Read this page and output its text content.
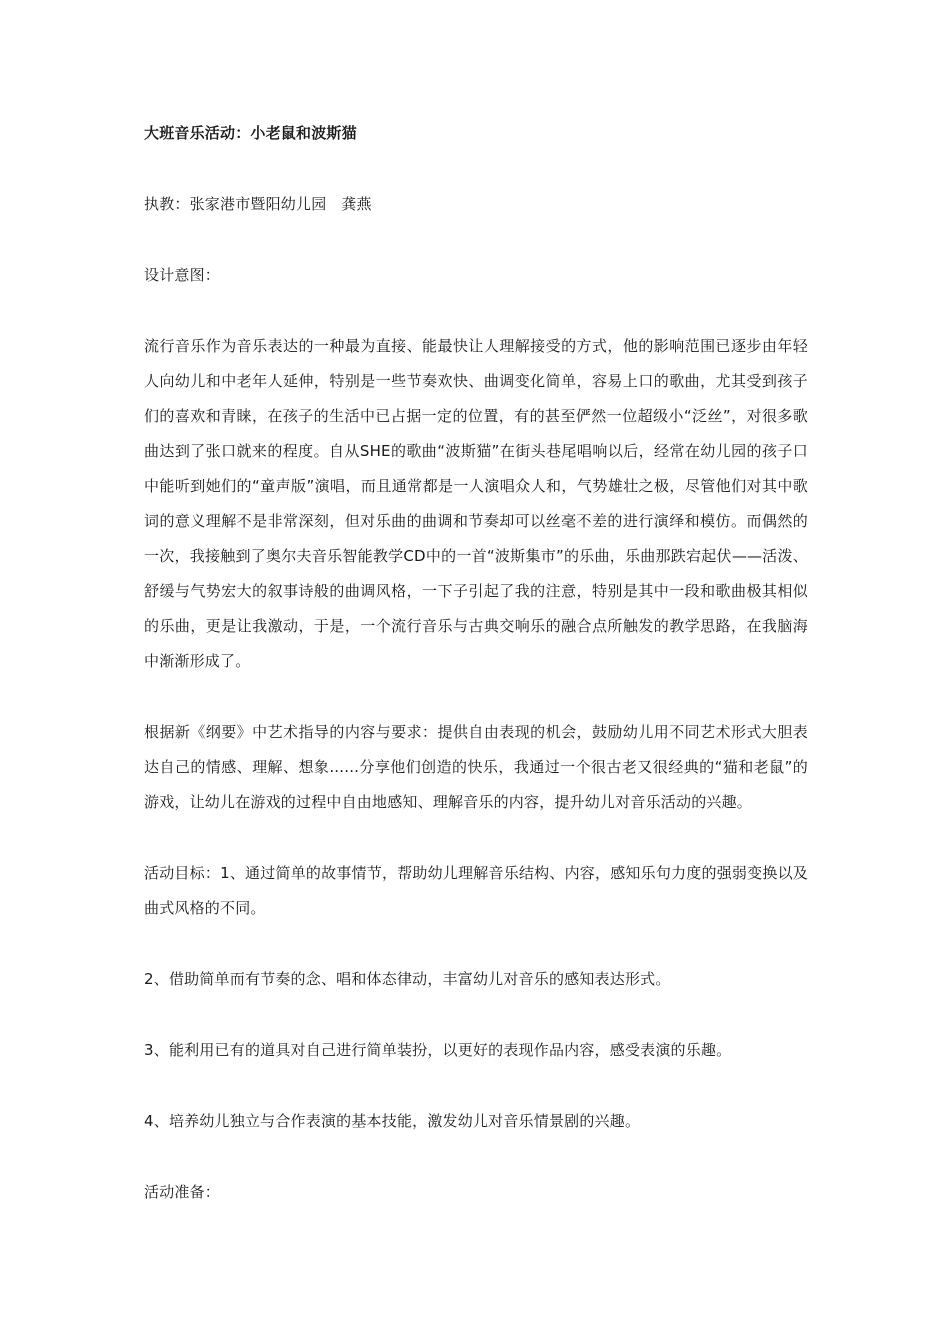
大班音乐活动：小老鼠和波斯猫
执教：张家港市暨阳幼儿园   龚燕
设计意图：
流行音乐作为音乐表达的一种最为直接、能最快让人理解接受的方式，他的影响范围已逐步由年轻人向幼儿和中老年人延伸，特别是一些节奏欢快、曲调变化简单，容易上口的歌曲，尤其受到孩子们的喜欢和青睐，在孩子的生活中已占据一定的位置，有的甚至俨然一位超级小“泛丝”，对很多歌曲达到了张口就来的程度。自从SHE的歌曲“波斯猫”在街头巷尾唱响以后，经常在幼儿园的孩子口中能听到她们的“童声版”演唱，而且通常都是一人演唱众人和，气势雄壮之极，尽管他们对其中歌词的意义理解不是非常深刻，但对乐曲的曲调和节奏却可以丝毫不差的进行演绎和模仿。而偶然的一次，我接触到了奥尔夫音乐智能教学CD中的一首“波斯集市”的乐曲，乐曲那跌宕起伏——活泼、舒缓与气势宏大的叙事诗般的曲调风格，一下子引起了我的注意，特别是其中一段和歌曲极其相似的乐曲，更是让我激动，于是，一个流行音乐与古典交响乐的融合点所触发的教学思路，在我脑海中渐渐形成了。
根据新《纲要》中艺术指导的内容与要求：提供自由表现的机会，鼓励幼儿用不同艺术形式大胆表达自己的情感、理解、想象......分享他们创造的快乐，我通过一个很古老又很经典的“猫和老鼠”的游戏，让幼儿在游戏的过程中自由地感知、理解音乐的内容，提升幼儿对音乐活动的兴趣。
活动目标：1、通过简单的故事情节，帮助幼儿理解音乐结构、内容，感知乐句力度的强弱变换以及曲式风格的不同。
2、借助简单而有节奏的念、唱和体态律动，丰富幼儿对音乐的感知表达形式。
3、能利用已有的道具对自己进行简单装扮，以更好的表现作品内容，感受表演的乐趣。
4、培养幼儿独立与合作表演的基本技能，激发幼儿对音乐情景剧的兴趣。
活动准备：
